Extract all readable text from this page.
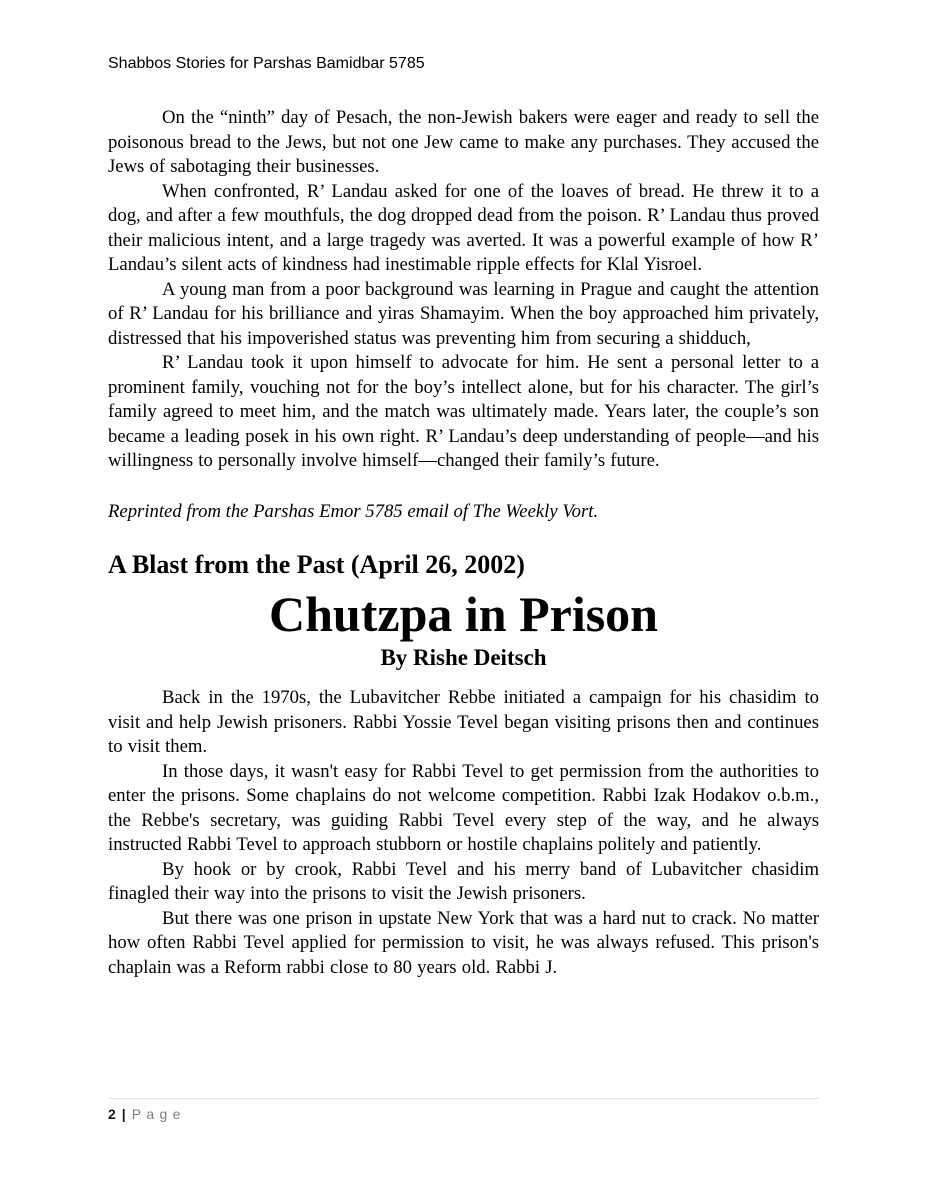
Shabbos Stories for Parshas Bamidbar 5785

On the “ninth” day of Pesach, the non-Jewish bakers were eager and ready to sell the poisonous bread to the Jews, but not one Jew came to make any purchases. They accused the Jews of sabotaging their businesses.

When confronted, R’ Landau asked for one of the loaves of bread. He threw it to a dog, and after a few mouthfuls, the dog dropped dead from the poison. R’ Landau thus proved their malicious intent, and a large tragedy was averted. It was a powerful example of how R’ Landau’s silent acts of kindness had inestimable ripple effects for Klal Yisroel.

A young man from a poor background was learning in Prague and caught the attention of R’ Landau for his brilliance and yiras Shamayim. When the boy approached him privately, distressed that his impoverished status was preventing him from securing a shidduch,

R’ Landau took it upon himself to advocate for him. He sent a personal letter to a prominent family, vouching not for the boy’s intellect alone, but for his character. The girl’s family agreed to meet him, and the match was ultimately made. Years later, the couple’s son became a leading posek in his own right. R’ Landau’s deep understanding of people—and his willingness to personally involve himself—changed their family’s future.

Reprinted from the Parshas Emor 5785 email of The Weekly Vort.

A Blast from the Past (April 26, 2002)
Chutzpa in Prison
By Rishe Deitsch

Back in the 1970s, the Lubavitcher Rebbe initiated a campaign for his chasidim to visit and help Jewish prisoners. Rabbi Yossie Tevel began visiting prisons then and continues to visit them.

In those days, it wasn't easy for Rabbi Tevel to get permission from the authorities to enter the prisons. Some chaplains do not welcome competition. Rabbi Izak Hodakov o.b.m., the Rebbe's secretary, was guiding Rabbi Tevel every step of the way, and he always instructed Rabbi Tevel to approach stubborn or hostile chaplains politely and patiently.

By hook or by crook, Rabbi Tevel and his merry band of Lubavitcher chasidim finagled their way into the prisons to visit the Jewish prisoners.

But there was one prison in upstate New York that was a hard nut to crack. No matter how often Rabbi Tevel applied for permission to visit, he was always refused. This prison's chaplain was a Reform rabbi close to 80 years old. Rabbi J.

2 | Page
